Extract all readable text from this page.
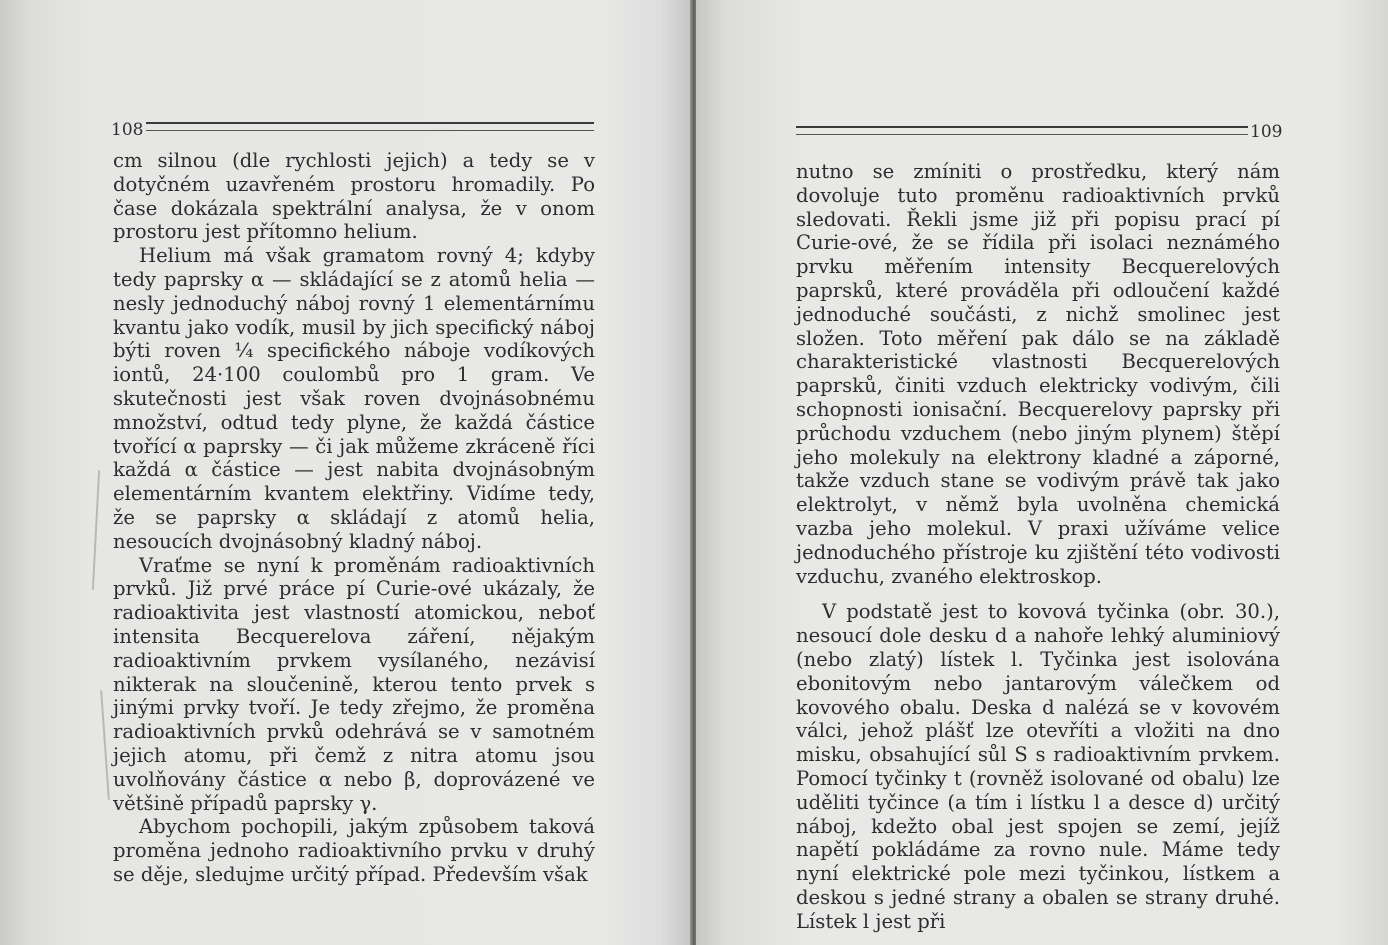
108

cm silnou (dle rychlosti jejich) a tedy se v dotyčném uzavřeném prostoru hromadily. Po čase dokázala spektrální analysa, že v onom prostoru jest přítomno helium.

Helium má však gramatom rovný 4; kdyby tedy paprsky α — skládající se z atomů helia — nesly jednoduchý náboj rovný 1 elementárnímu kvantu jako vodík, musil by jich specifický náboj býti roven ¼ specifického náboje vodíkových iontů, 24·100 coulombů pro 1 gram. Ve skutečnosti jest však roven dvojnásobnému množství, odtud tedy plyne, že každá částice tvořící α paprsky — či jak můžeme zkráceně říci každá α částice — jest nabita dvojnásobným elementárním kvantem elektřiny. Vidíme tedy, že se paprsky α skládají z atomů helia, nesoucích dvojnásobný kladný náboj.

Vraťme se nyní k proměnám radioaktivních prvků. Již prvé práce pí Curie-ové ukázaly, že radioaktivita jest vlastností atomickou, neboť intensita Becquerelova záření, nějakým radioaktivním prvkem vysílaného, nezávisí nikterak na sloučenině, kterou tento prvek s jinými prvky tvoří. Je tedy zřejmo, že proměna radioaktivních prvků odehrává se v samotném jejich atomu, při čemž z nitra atomu jsou uvolňovány částice α nebo β, doprovázené ve většině případů paprsky γ.

Abychom pochopili, jakým způsobem taková proměna jednoho radioaktivního prvku v druhý se děje, sledujme určitý případ. Především však

109

nutno se zmíniti o prostředku, který nám dovoluje tuto proměnu radioaktivních prvků sledovati. Řekli jsme již při popisu prací pí Curie-ové, že se řídila při isolaci neznámého prvku měřením intensity Becquerelových paprsků, které prováděla při odloučení každé jednoduché součásti, z nichž smolinec jest složen. Toto měření pak dálo se na základě charakteristické vlastnosti Becquerelových paprsků, činiti vzduch elektricky vodivým, čili schopnosti ionisační. Becquerelovy paprsky při průchodu vzduchem (nebo jiným plynem) štěpí jeho molekuly na elektrony kladné a záporné, takže vzduch stane se vodivým právě tak jako elektrolyt, v němž byla uvolněna chemická vazba jeho molekul. V praxi užíváme velice jednoduchého přístroje ku zjištění této vodivosti vzduchu, zvaného elektroskop.

V podstatě jest to kovová tyčinka (obr. 30.), nesoucí dole desku d a nahoře lehký aluminiový (nebo zlatý) lístek l. Tyčinka jest isolována ebonitovým nebo jantarovým válečkem od kovového obalu. Deska d nalézá se v kovovém válci, jehož plášť lze otevříti a vložiti na dno misku, obsahující sůl S s radioaktivním prvkem. Pomocí tyčinky t (rovněž isolované od obalu) lze uděliti tyčince (a tím i lístku l a desce d) určitý náboj, kdežto obal jest spojen se zemí, jejíž napětí pokládáme za rovno nule. Máme tedy nyní elektrické pole mezi tyčinkou, lístkem a deskou s jedné strany a obalen se strany druhé. Lístek l jest při
